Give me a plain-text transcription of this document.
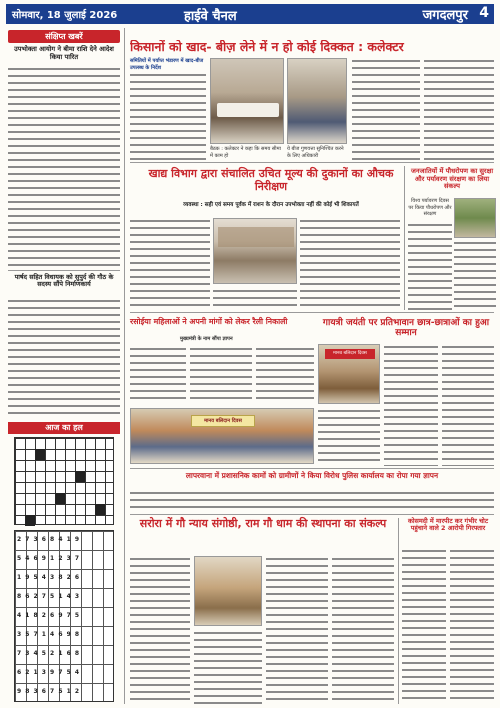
सोमवार, 18 जुलाई 2026	हाईवे चैनल	जगदलपुर 4
संक्षिप्त खबरें
उपभोक्ता आयोग ने बीमा राशि देने आदेश किया पारित
पार्षद सहित विधायक को सुपुर्द की गौठ के सदस्य सौंपे निर्माणकार्य
आज का हल
2 7 3 6 8 4 1 9
5 4 6 9 1 2 3 7
1 9 5 4 3 8 2 6
8 6 2 7 5 1 4 3
4 1 8 2 6 9 7 5
3 5 7 1 4 6 9 8
7 3 4 5 2 1 6 8
6 2 1 3 9 7 5 4
9 8 3 6 7 5 1 2
किसानों को खाद- बीज़ लेने में न हो कोई दिक्कत : कलेक्टर
समितियों में पर्याप्त भंडारण में खाद-बीज उपलब्ध के निर्देश
बैठक : कलेक्टर ने कहा कि समय सीमा में काम हो
ये बीज गुणवत्ता सुनिश्चित करने के लिए अधिकारी
खाद्य विभाग द्वारा संचालित उचित मूल्य की दुकानों का औचक निरीक्षण
व्यवस्था : सही एवं समय पूर्वक में राशन के दौरान उपभोक्ता नहीं की कोई भी शिकायतें
जनजातियों में पौधरोपण का सुरक्षा और पर्यावरण संरक्षण का लिया संकल्प
विश्व पर्यावरण दिवस पर किया पौधरोपण और संरक्षण
रसोईया महिलाओं ने अपनी मांगों को लेकर रैली निकाली
मुख्यमंत्री के नाम सौंपा ज्ञापन
गायत्री जयंती पर प्रतिभावान छात्र-छात्राओं का हुआ सम्मान
मानव बलिदान दिवस
मानव बलिदान दिवस
लापरवाना में प्रशासनिक कामों को ग्रामीणों ने किया विरोध पुलिस कार्यालय का रोपा गया ज्ञापन
सरोरा में गौ न्याय संगोष्ठी, राम गौ धाम की स्थापना का संकल्प	कोसमदी में मारपीट कर गंभीर चोट पहुंचाने वाले 2 आरोपी गिरफ्तार
